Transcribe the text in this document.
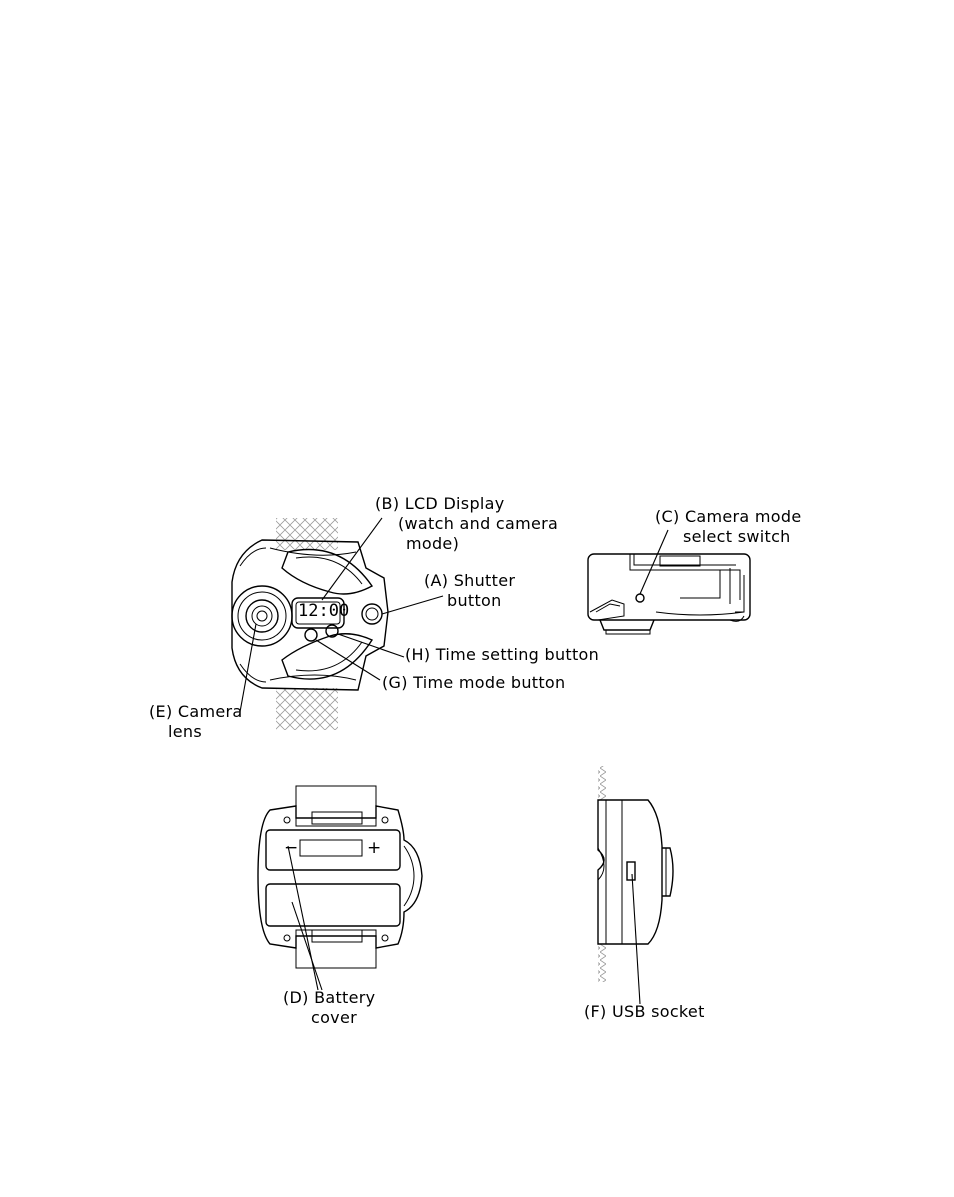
12:00
−	+
(B) LCD Display
(watch and camera
mode)
(A) Shutter
button
(H) Time setting button
(G) Time mode button
(E) Camera
lens
(C) Camera mode
select switch
(D) Battery
cover	(F) USB socket
